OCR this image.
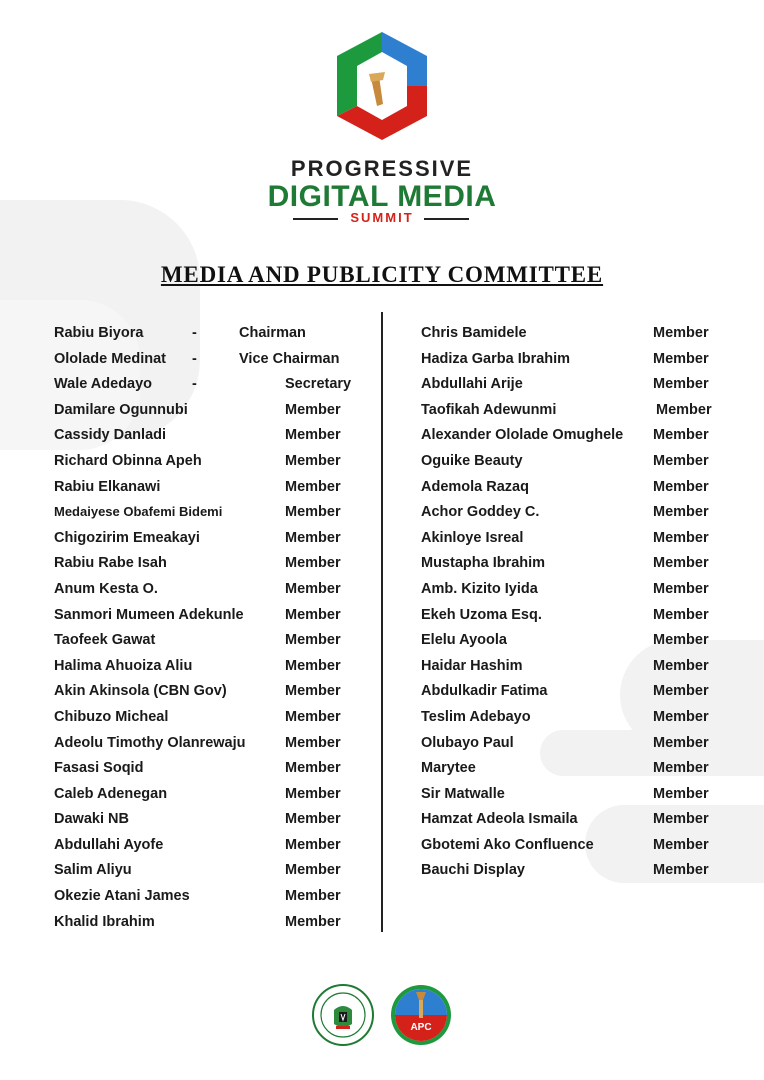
PROGRESSIVE
DIGITAL MEDIA
SUMMIT
MEDIA AND PUBLICITY COMMITTEE
Rabiu Biyora	-	Chairman
Ololade Medinat -	Vice Chairman
Wale Adedayo	-	Secretary
Damilare Ogunnubi	Member
Cassidy Danladi	Member
Richard Obinna Apeh	Member
Rabiu Elkanawi	Member
Medaiyese Obafemi Bidemi	Member
Chigozirim Emeakayi	Member
Rabiu Rabe Isah	Member
Anum Kesta O.	Member
Sanmori Mumeen Adekunle	Member
Taofeek Gawat	Member
Halima Ahuoiza Aliu	Member
Akin Akinsola (CBN Gov)	Member
Chibuzo Micheal	Member
Adeolu Timothy Olanrewaju	Member
Fasasi Soqid	Member
Caleb Adenegan	Member
Dawaki NB	Member
Abdullahi Ayofe	Member
Salim Aliyu	Member
Okezie Atani James	Member
Khalid Ibrahim	Member
Chris Bamidele	Member
Hadiza Garba Ibrahim	Member
Abdullahi Arije	Member
Taofikah Adewunmi	Member
Alexander Ololade Omughele Member
Oguike Beauty	Member
Ademola Razaq	Member
Achor Goddey C.	Member
Akinloye Isreal	Member
Mustapha Ibrahim	Member
Amb. Kizito Iyida	Member
Ekeh Uzoma Esq.	Member
Elelu Ayoola	Member
Haidar Hashim	Member
Abdulkadir Fatima	Member
Teslim Adebayo	Member
Olubayo Paul	Member
Marytee	Member
Sir Matwalle	Member
Hamzat Adeola Ismaila	Member
Gbotemi Ako Confluence	Member
Bauchi Display	Member
APC
